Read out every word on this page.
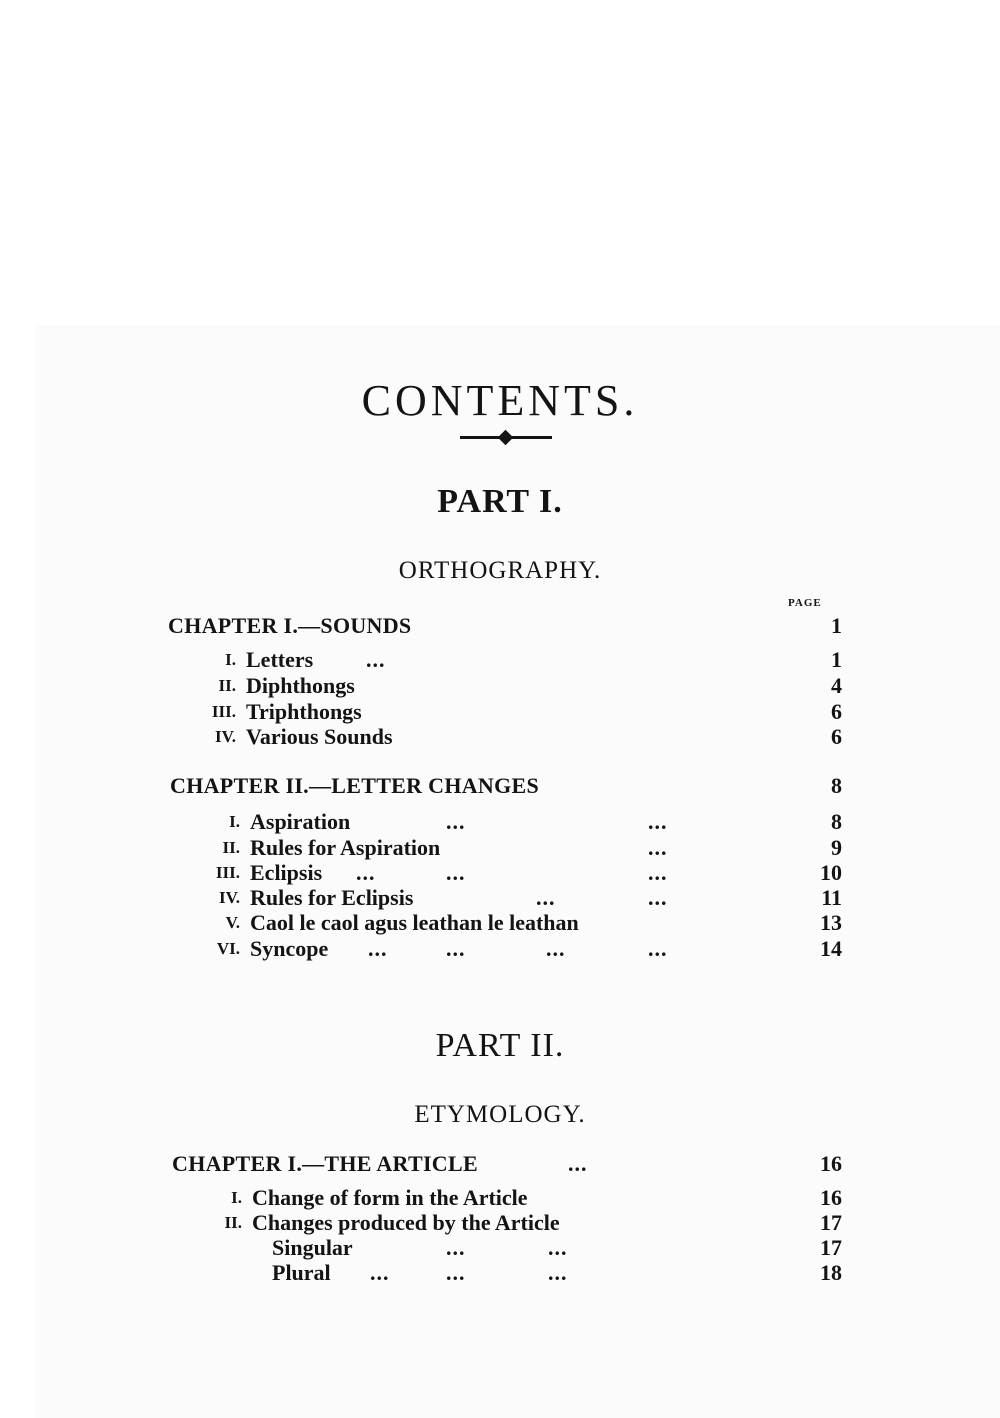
CONTENTS.
PART I.
ORTHOGRAPHY.
PAGE
CHAPTER I.—SOUNDS	1
I. Letters ...	1
II. Diphthongs	4
III. Triphthongs	6
IV. Various Sounds	6
CHAPTER II.—LETTER CHANGES	8
I. Aspiration	...	...	8
II. Rules for Aspiration	...	9
III. Eclipsis ...	...	...	10
IV. Rules for Eclipsis	...	...	11
V. Caol le caol agus leathan le leathan	13
VI. Syncope ...	...	...	...	14
PART II.
ETYMOLOGY.
CHAPTER I.—THE ARTICLE	...	16
I. Change of form in the Article	16
II. Changes produced by the Article	17
Singular	...	...	17
Plural ...	...	...	18
